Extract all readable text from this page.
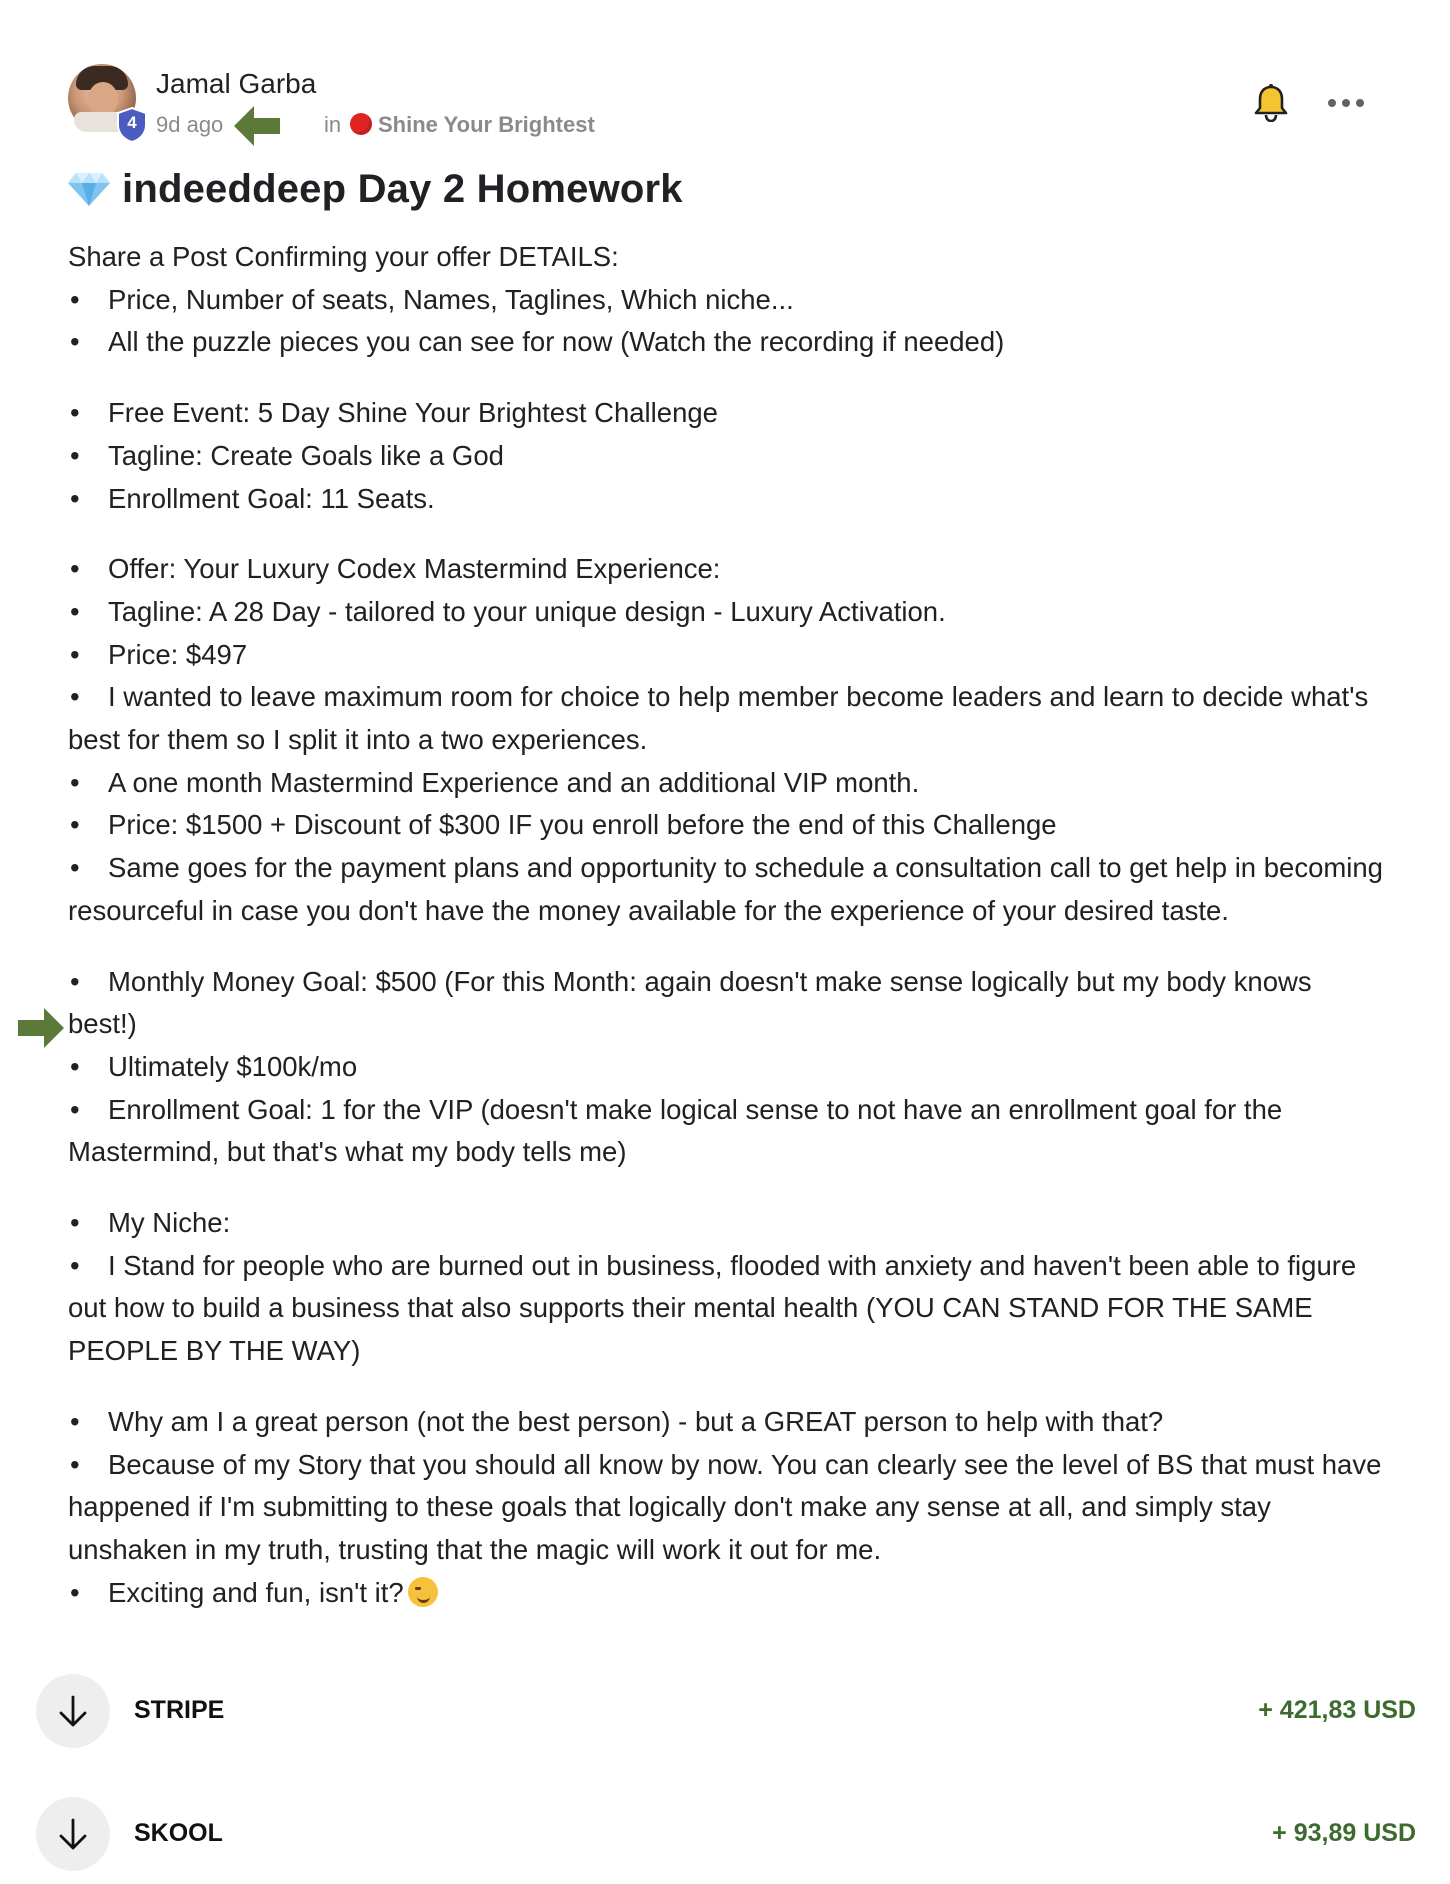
4
Jamal Garba
9d ago	in Shine Your Brightest
indeeddeep Day 2 Homework
Share a Post Confirming your offer DETAILS:
• Price, Number of seats, Names, Taglines, Which niche...
• All the puzzle pieces you can see for now (Watch the recording if needed)
• Free Event: 5 Day Shine Your Brightest Challenge
• Tagline: Create Goals like a God
• Enrollment Goal: 11 Seats.
• Offer: Your Luxury Codex Mastermind Experience:
• Tagline: A 28 Day - tailored to your unique design - Luxury Activation.
• Price: $497
• I wanted to leave maximum room for choice to help member become leaders and learn to decide what's best for them so I split it into a two experiences.
• A one month Mastermind Experience and an additional VIP month.
• Price: $1500 + Discount of $300 IF you enroll before the end of this Challenge
• Same goes for the payment plans and opportunity to schedule a consultation call to get help in becoming resourceful in case you don't have the money available for the experience of your desired taste.
• Monthly Money Goal: $500 (For this Month: again doesn't make sense logically but my body knows best!)
• Ultimately $100k/mo
• Enrollment Goal: 1 for the VIP (doesn't make logical sense to not have an enrollment goal for the Mastermind, but that's what my body tells me)
• My Niche:
• I Stand for people who are burned out in business, flooded with anxiety and haven't been able to figure out how to build a business that also supports their mental health (YOU CAN STAND FOR THE SAME PEOPLE BY THE WAY)
• Why am I a great person (not the best person) - but a GREAT person to help with that?
• Because of my Story that you should all know by now. You can clearly see the level of BS that must have happened if I'm submitting to these goals that logically don't make any sense at all, and simply stay unshaken in my truth, trusting that the magic will work it out for me.
• Exciting and fun, isn't it?
STRIPE	+ 421,83 USD
SKOOL	+ 93,89 USD
